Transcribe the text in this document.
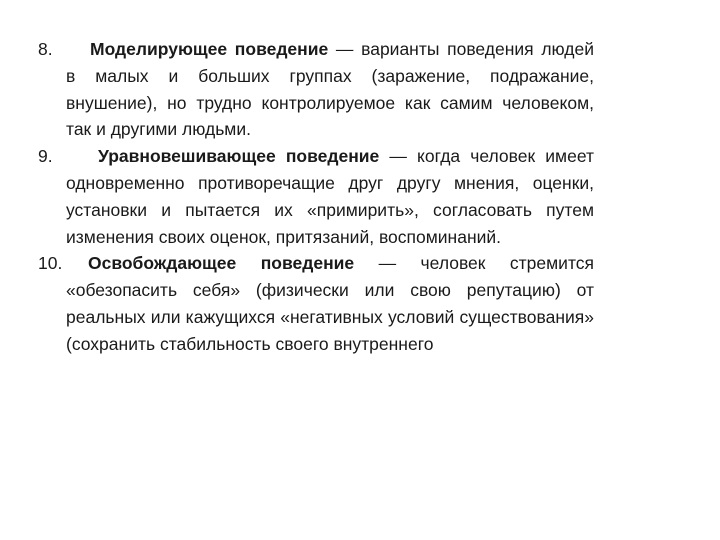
8.	Моделирующее поведение — варианты поведения людей в малых и больших группах (заражение, подражание, внушение), но трудно контролируемое как самим человеком, так и другими людьми.

9.	Уравновешивающее поведение — когда человек имеет одновременно противоречащие друг другу мнения, оценки, установки и пытается их «примирить», согласовать путем изменения своих оценок, притязаний, воспоминаний.

10.	Освобождающее поведение — человек стремится «обезопасить себя» (физически или свою репутацию) от реальных или кажущихся «негативных условий существования» (сохранить стабильность своего внутреннего
